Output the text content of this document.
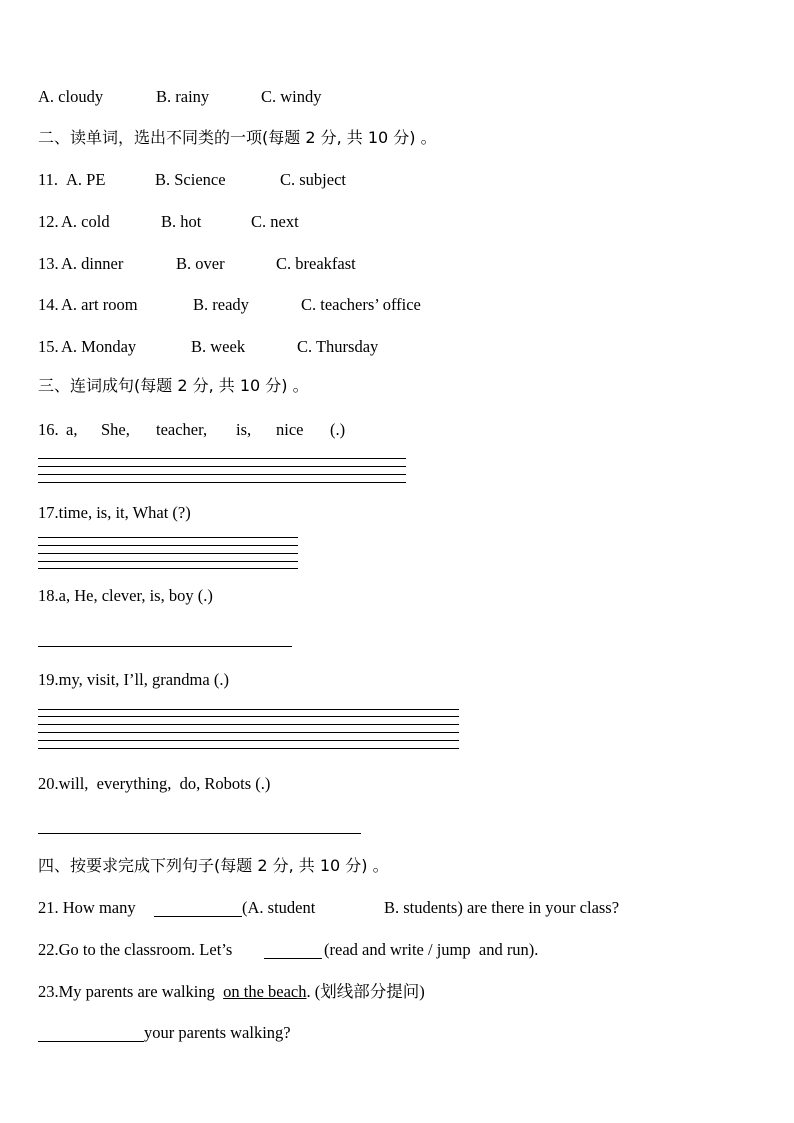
A. cloudy	B. rainy	C. windy
二、读单词，选出不同类的一项(每题 2 分, 共 10 分) 。
11. A. PE	B. Science	C. subject
12. A. cold	B. hot	C. next
13. A. dinner	B. over	C. breakfast
14. A. art room	B. ready	C. teachers’ office
15. A. Monday	B. week	C. Thursday
三、连词成句(每题 2 分, 共 10 分) 。
16. a, She, teacher, is, nice (.)
17.time, is, it, What (?)
18.a, He, clever, is, boy (.)
19.my, visit, I’ll, grandma (.)
20.will,  everything,  do, Robots (.)
四、按要求完成下列句子(每题 2 分, 共 10 分) 。
21. How many	(A. student	B. students) are there in your class?
22.Go to the classroom. Let’s	(read and write / jump  and run).
23.My parents are walking  on the beach. (划线部分提问)
your parents walking?
